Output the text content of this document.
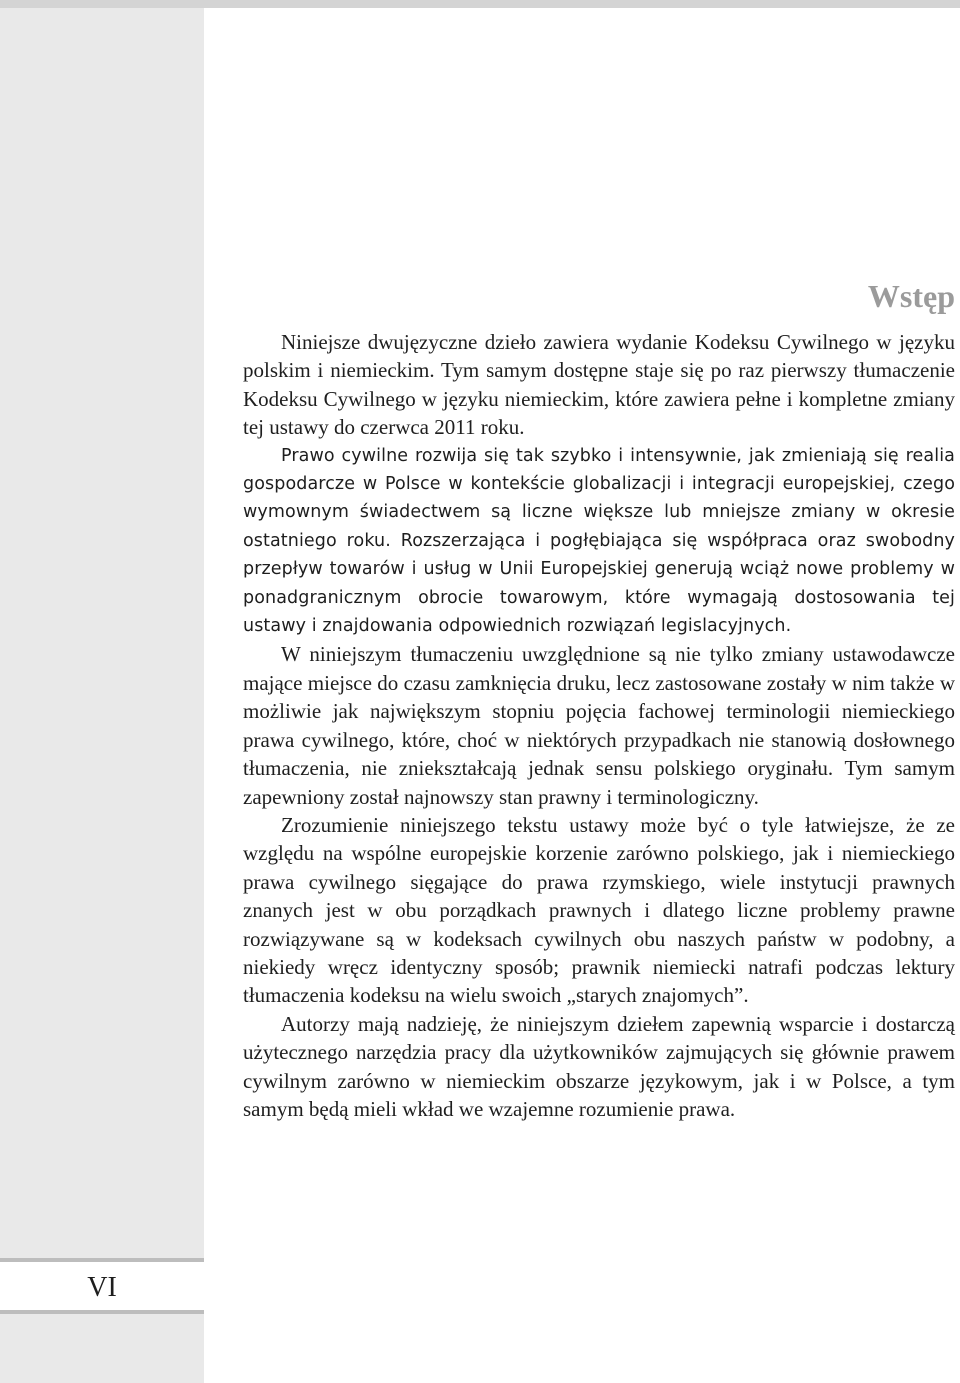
VI
Wstęp

Niniejsze dwujęzyczne dzieło zawiera wydanie Kodeksu Cywilnego w języku polskim i niemieckim. Tym samym dostępne staje się po raz pierwszy tłumaczenie Kodeksu Cywilnego w języku niemieckim, które zawiera pełne i kompletne zmiany tej ustawy do czerwca 2011 roku.

Prawo cywilne rozwija się tak szybko i intensywnie, jak zmieniają się realia gospodarcze w Polsce w kontekście globalizacji i integracji europejskiej, czego wymownym świadectwem są liczne większe lub mniejsze zmiany w okresie ostatniego roku. Rozszerzająca i pogłębiająca się współpraca oraz swobodny przepływ towarów i usług w Unii Europejskiej generują wciąż nowe problemy w ponadgranicznym obrocie towarowym, które wymagają dostosowania tej ustawy i znajdowania odpowiednich rozwiązań legislacyjnych.

W niniejszym tłumaczeniu uwzględnione są nie tylko zmiany ustawodawcze mające miejsce do czasu zamknięcia druku, lecz zastosowane zostały w nim także w możliwie jak największym stopniu pojęcia fachowej terminologii niemieckiego prawa cywilnego, które, choć w niektórych przypadkach nie stanowią dosłownego tłumaczenia, nie zniekształcają jednak sensu polskiego oryginału. Tym samym zapewniony został najnowszy stan prawny i terminologiczny.

Zrozumienie niniejszego tekstu ustawy może być o tyle łatwiejsze, że ze względu na wspólne europejskie korzenie zarówno polskiego, jak i niemieckiego prawa cywilnego sięgające do prawa rzymskiego, wiele instytucji prawnych znanych jest w obu porządkach prawnych i dlatego liczne problemy prawne rozwiązywane są w kodeksach cywilnych obu naszych państw w podobny, a niekiedy wręcz identyczny sposób; prawnik niemiecki natrafi podczas lektury tłumaczenia kodeksu na wielu swoich „starych znajomych”.

Autorzy mają nadzieję, że niniejszym dziełem zapewnią wsparcie i dostarczą użytecznego narzędzia pracy dla użytkowników zajmujących się głównie prawem cywilnym zarówno w niemieckim obszarze językowym, jak i w Polsce, a tym samym będą mieli wkład we wzajemne rozumienie prawa.
